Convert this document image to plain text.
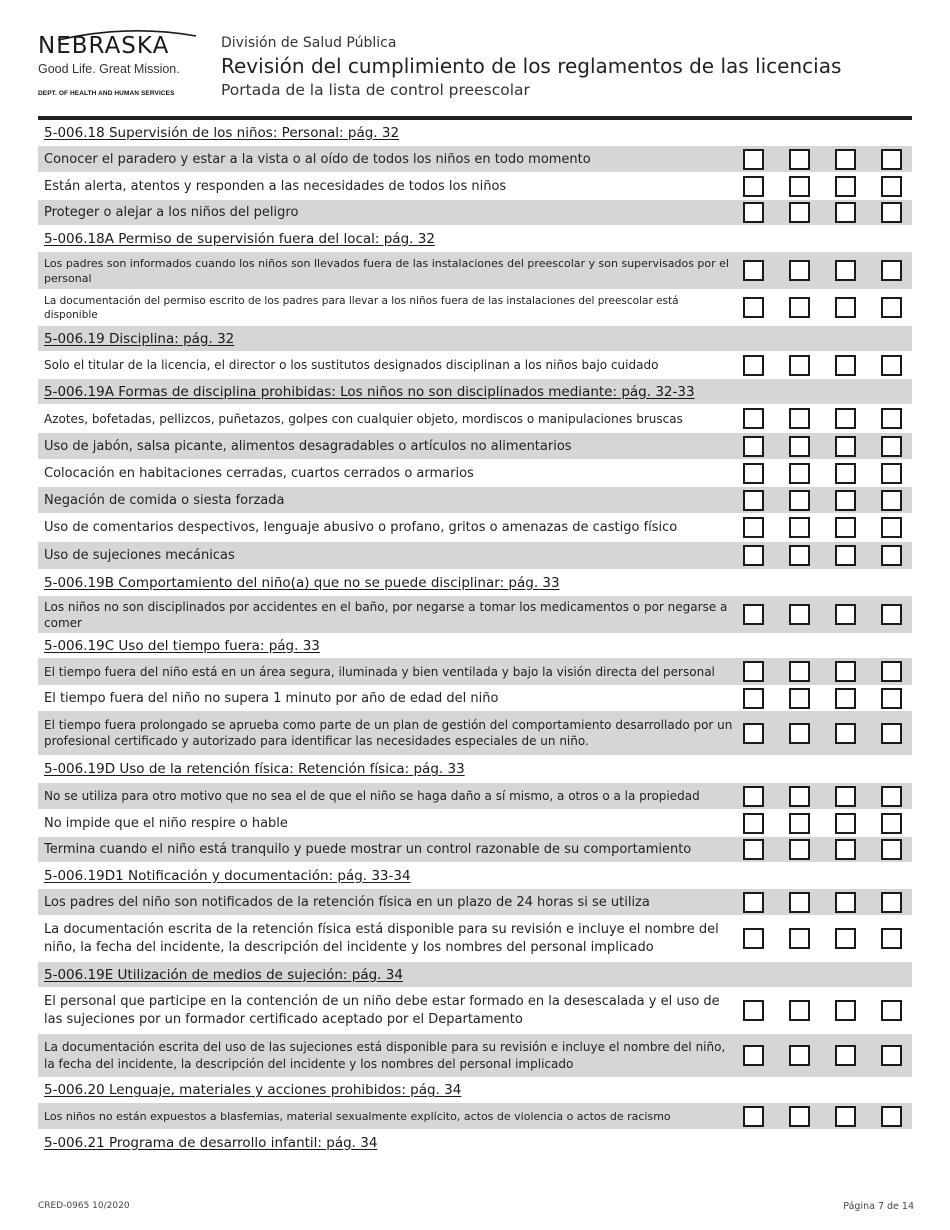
NEBRASKA
Good Life. Great Mission.
DEPT. OF HEALTH AND HUMAN SERVICES
División de Salud Pública
Revisión del cumplimiento de los reglamentos de las licencias
Portada de la lista de control preescolar
5-006.18 Supervisión de los niños: Personal: pág. 32
Conocer el paradero y estar a la vista o al oído de todos los niños en todo momento
Están alerta, atentos y responden a las necesidades de todos los niños
Proteger o alejar a los niños del peligro
5-006.18A Permiso de supervisión fuera del local: pág. 32
Los padres son informados cuando los niños son llevados fuera de las instalaciones del preescolar y son supervisados por el personal
La documentación del permiso escrito de los padres para llevar a los niños fuera de las instalaciones del preescolar está disponible
5-006.19 Disciplina: pág. 32
Solo el titular de la licencia, el director o los sustitutos designados disciplinan a los niños bajo cuidado
5-006.19A Formas de disciplina prohibidas: Los niños no son disciplinados mediante: pág. 32-33
Azotes, bofetadas, pellizcos, puñetazos, golpes con cualquier objeto, mordiscos o manipulaciones bruscas
Uso de jabón, salsa picante, alimentos desagradables o artículos no alimentarios
Colocación en habitaciones cerradas, cuartos cerrados o armarios
Negación de comida o siesta forzada
Uso de comentarios despectivos, lenguaje abusivo o profano, gritos o amenazas de castigo físico
Uso de sujeciones mecánicas
5-006.19B Comportamiento del niño(a) que no se puede disciplinar: pág. 33
Los niños no son disciplinados por accidentes en el baño, por negarse a tomar los medicamentos o por negarse a comer
5-006.19C Uso del tiempo fuera: pág. 33
El tiempo fuera del niño está en un área segura, iluminada y bien ventilada y bajo la visión directa del personal
El tiempo fuera del niño no supera 1 minuto por año de edad del niño
El tiempo fuera prolongado se aprueba como parte de un plan de gestión del comportamiento desarrollado por un profesional certificado y autorizado para identificar las necesidades especiales de un niño.
5-006.19D Uso de la retención física: Retención física: pág. 33
No se utiliza para otro motivo que no sea el de que el niño se haga daño a sí mismo, a otros o a la propiedad
No impide que el niño respire o hable
Termina cuando el niño está tranquilo y puede mostrar un control razonable de su comportamiento
5-006.19D1 Notificación y documentación: pág. 33-34
Los padres del niño son notificados de la retención física en un plazo de 24 horas si se utiliza
La documentación escrita de la retención física está disponible para su revisión e incluye el nombre del niño, la fecha del incidente, la descripción del incidente y los nombres del personal implicado
5-006.19E Utilización de medios de sujeción: pág. 34
El personal que participe en la contención de un niño debe estar formado en la desescalada y el uso de las sujeciones por un formador certificado aceptado por el Departamento
La documentación escrita del uso de las sujeciones está disponible para su revisión e incluye el nombre del niño, la fecha del incidente, la descripción del incidente y los nombres del personal implicado
5-006.20 Lenguaje, materiales y acciones prohibidos: pág. 34
Los niños no están expuestos a blasfemias, material sexualmente explícito, actos de violencia o actos de racismo
5-006.21 Programa de desarrollo infantil: pág. 34
CRED-0965 10/2020	Página 7 de 14
